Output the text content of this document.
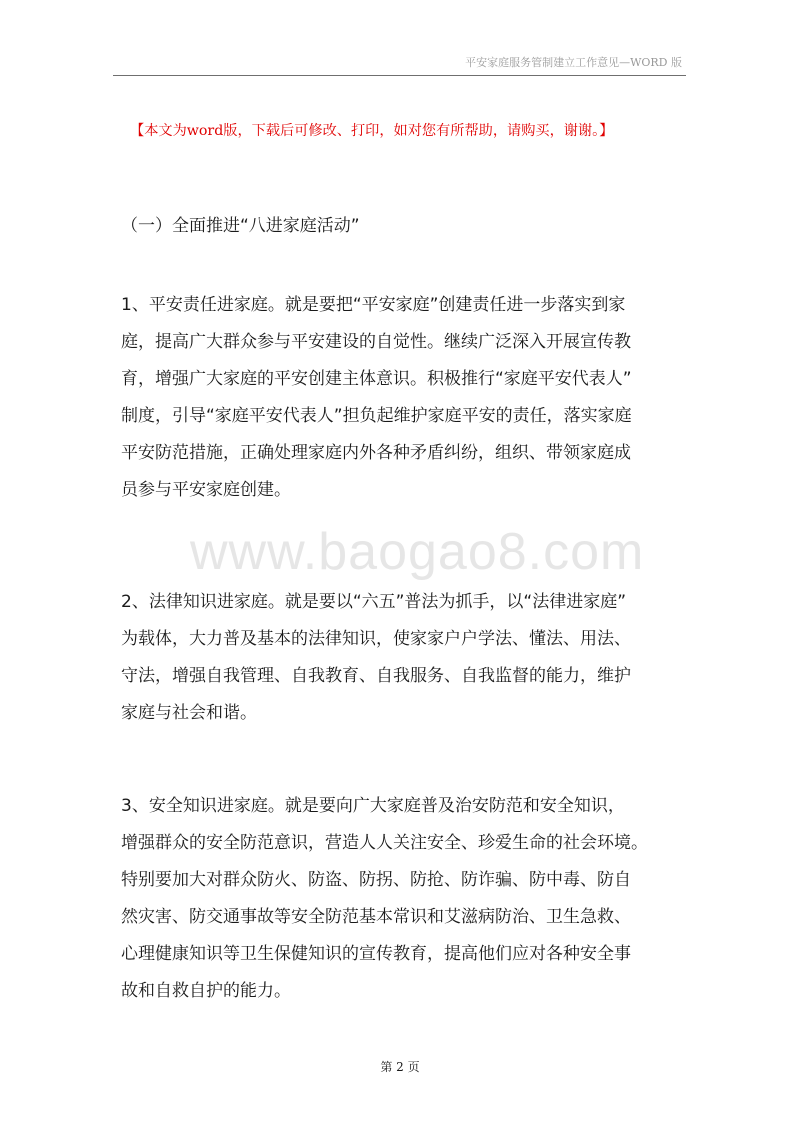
平安家庭服务管制建立工作意见—WORD 版
【本文为word版，下载后可修改、打印，如对您有所帮助，请购买，谢谢。】
（一）全面推进“八进家庭活动”
www.baogao8.com

1、平安责任进家庭。就是要把“平安家庭”创建责任进一步落实到家
庭，提高广大群众参与平安建设的自觉性。继续广泛深入开展宣传教
育，增强广大家庭的平安创建主体意识。积极推行“家庭平安代表人”
制度，引导“家庭平安代表人”担负起维护家庭平安的责任，落实家庭
平安防范措施，正确处理家庭内外各种矛盾纠纷，组织、带领家庭成
员参与平安家庭创建。

2、法律知识进家庭。就是要以“六五”普法为抓手，以“法律进家庭”
为载体，大力普及基本的法律知识，使家家户户学法、懂法、用法、
守法，增强自我管理、自我教育、自我服务、自我监督的能力，维护
家庭与社会和谐。

3、安全知识进家庭。就是要向广大家庭普及治安防范和安全知识，
增强群众的安全防范意识，营造人人关注安全、珍爱生命的社会环境。
特别要加大对群众防火、防盗、防拐、防抢、防诈骗、防中毒、防自
然灾害、防交通事故等安全防范基本常识和艾滋病防治、卫生急救、
心理健康知识等卫生保健知识的宣传教育，提高他们应对各种安全事
故和自救自护的能力。

第 2 页
